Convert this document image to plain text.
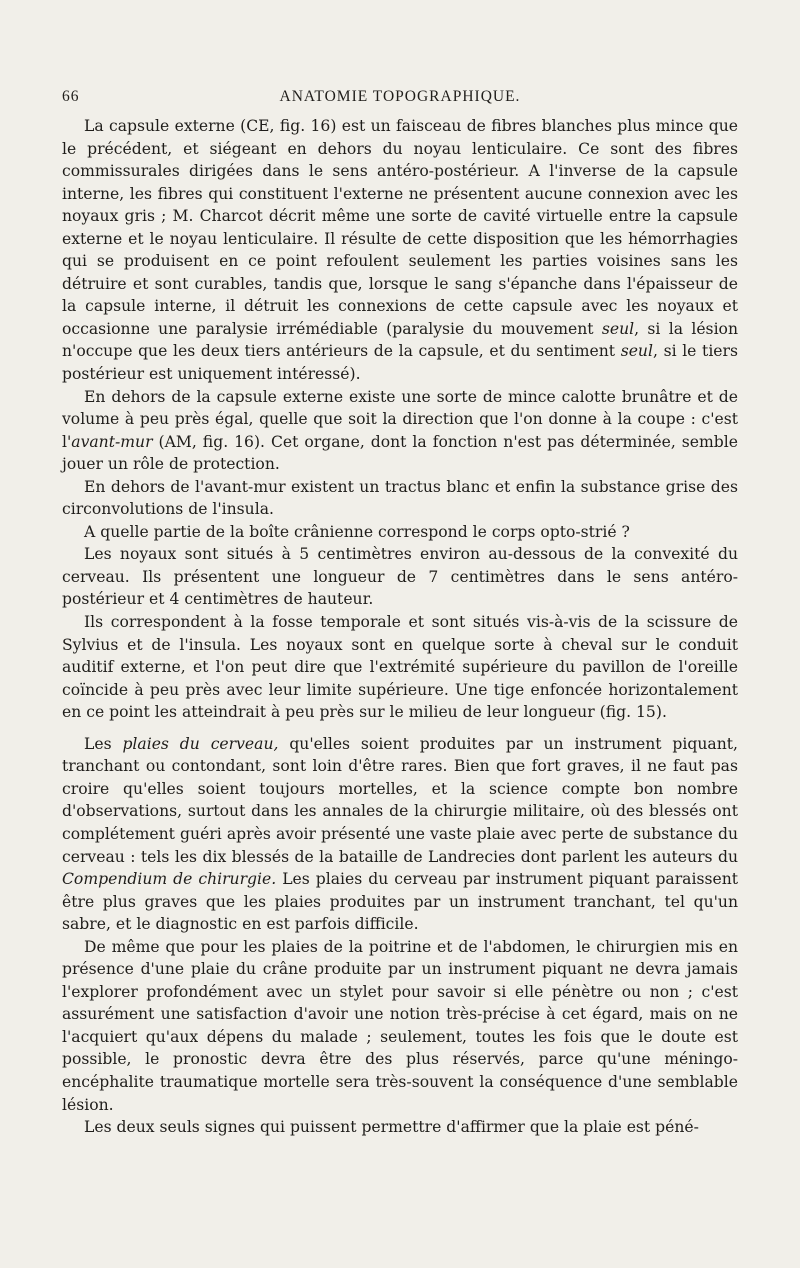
66	ANATOMIE TOPOGRAPHIQUE.

La capsule externe (CE, fig. 16) est un faisceau de fibres blanches plus mince que le précédent, et siégeant en dehors du noyau lenticulaire. Ce sont des fibres commissurales dirigées dans le sens antéro-postérieur. A l'inverse de la capsule interne, les fibres qui constituent l'externe ne présentent aucune connexion avec les noyaux gris ; M. Charcot décrit même une sorte de cavité virtuelle entre la capsule externe et le noyau lenticulaire. Il résulte de cette disposition que les hémorrhagies qui se produisent en ce point refoulent seulement les parties voisines sans les détruire et sont curables, tandis que, lorsque le sang s'épanche dans l'épaisseur de la capsule interne, il détruit les connexions de cette capsule avec les noyaux et occasionne une paralysie irrémédiable (paralysie du mouvement seul, si la lésion n'occupe que les deux tiers antérieurs de la capsule, et du sentiment seul, si le tiers postérieur est uniquement intéressé).

En dehors de la capsule externe existe une sorte de mince calotte brunâtre et de volume à peu près égal, quelle que soit la direction que l'on donne à la coupe : c'est l'avant-mur (AM, fig. 16). Cet organe, dont la fonction n'est pas déterminée, semble jouer un rôle de protection.

En dehors de l'avant-mur existent un tractus blanc et enfin la substance grise des circonvolutions de l'insula.

A quelle partie de la boîte crânienne correspond le corps opto-strié ?

Les noyaux sont situés à 5 centimètres environ au-dessous de la convexité du cerveau. Ils présentent une longueur de 7 centimètres dans le sens antéro-postérieur et 4 centimètres de hauteur.

Ils correspondent à la fosse temporale et sont situés vis-à-vis de la scissure de Sylvius et de l'insula. Les noyaux sont en quelque sorte à cheval sur le conduit auditif externe, et l'on peut dire que l'extrémité supérieure du pavillon de l'oreille coïncide à peu près avec leur limite supérieure. Une tige enfoncée horizontalement en ce point les atteindrait à peu près sur le milieu de leur longueur (fig. 15).

Les plaies du cerveau, qu'elles soient produites par un instrument piquant, tranchant ou contondant, sont loin d'être rares. Bien que fort graves, il ne faut pas croire qu'elles soient toujours mortelles, et la science compte bon nombre d'observations, surtout dans les annales de la chirurgie militaire, où des blessés ont complétement guéri après avoir présenté une vaste plaie avec perte de substance du cerveau : tels les dix blessés de la bataille de Landrecies dont parlent les auteurs du Compendium de chirurgie. Les plaies du cerveau par instrument piquant paraissent être plus graves que les plaies produites par un instrument tranchant, tel qu'un sabre, et le diagnostic en est parfois difficile.

De même que pour les plaies de la poitrine et de l'abdomen, le chirurgien mis en présence d'une plaie du crâne produite par un instrument piquant ne devra jamais l'explorer profondément avec un stylet pour savoir si elle pénètre ou non ; c'est assurément une satisfaction d'avoir une notion très-précise à cet égard, mais on ne l'acquiert qu'aux dépens du malade ; seulement, toutes les fois que le doute est possible, le pronostic devra être des plus réservés, parce qu'une méningo-encéphalite traumatique mortelle sera très-souvent la conséquence d'une semblable lésion.

Les deux seuls signes qui puissent permettre d'affirmer que la plaie est péné-
